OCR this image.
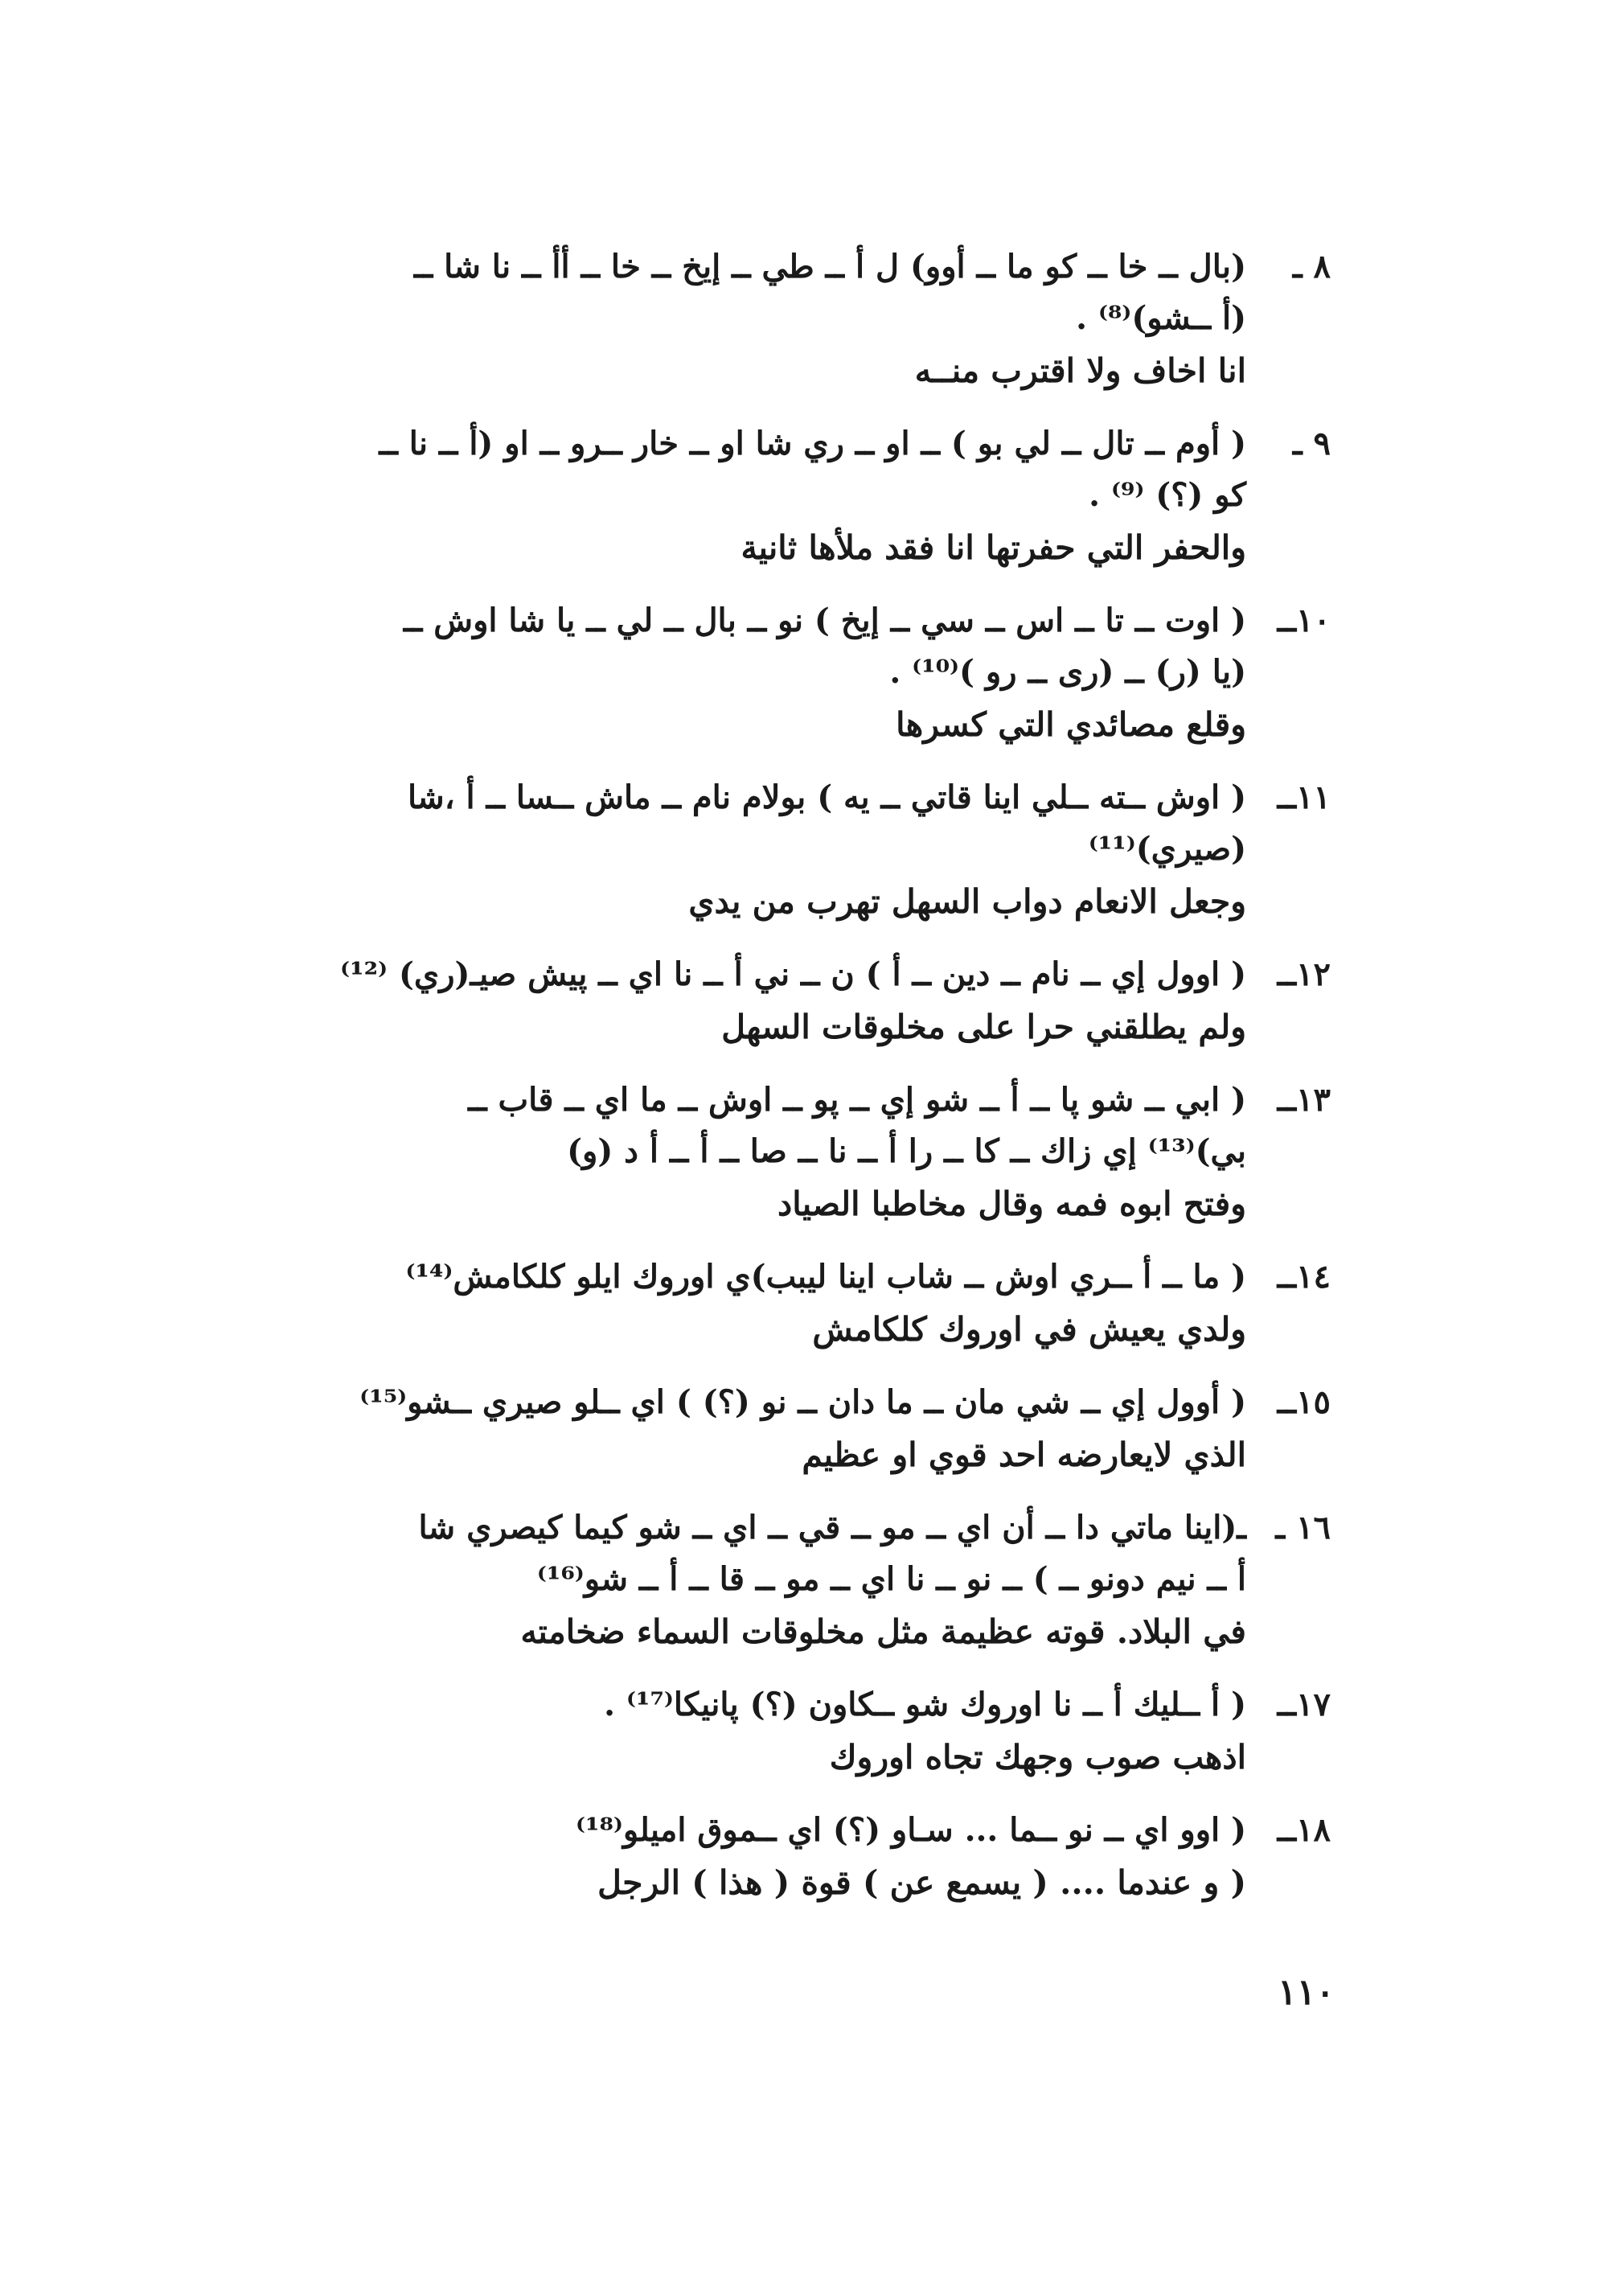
٨ ـ
(بال ــ خا ــ كو ما ــ أوو) ل أ ــ طي ــ إيخ ــ خا ــ أأ ــ نا شا ــ
(أ ــشو)⁽⁸⁾ .
انا اخاف ولا اقترب منــه
٩ ـ
( أوم ــ تال ــ لي بو ) ــ او ــ ري شا او ــ خار ــرو ــ او (أ ــ نا ــ
كو (؟) ⁽⁹⁾ .
والحفر التي حفرتها انا فقد ملأها ثانية
١٠ــ
( اوت ــ تا ــ اس ــ سي ــ إيخ ) نو ــ بال ــ لي ــ يا شا اوش ــ
(يا (ر) ــ (رى ــ رو )⁽¹⁰⁾ .
وقلع مصائدي التي كسرها
١١ــ
( اوش ــته ــلي اينا قاتي ــ يه ) بولام نام ــ ماش ــسا ــ أ ،شا
(صيري)⁽¹¹⁾
وجعل الانعام دواب السهل تهرب من يدي
١٢ــ
( اوول إي ــ نام ــ دين ــ أ ) ن ــ ني أ ــ نا اي ــ پيش صيـ(ري) ⁽¹²⁾
ولم يطلقني حرا على مخلوقات السهل
١٣ــ
( ابي ــ شو پا ــ أ ــ شو إي ــ پو ــ اوش ــ ما اي ــ قاب ــ
بي)⁽¹³⁾ إي زاك ــ كا ــ را أ ــ نا ــ صا ــ أ ــ أ د (و)
وفتح ابوه فمه وقال مخاطبا الصياد
١٤ــ
( ما ــ أ ــري اوش ــ شاب اينا ليبب)ي اوروك ايلو كلكامش⁽¹⁴⁾
ولدي يعيش في اوروك كلكامش
١٥ــ
( أوول إي ــ شي مان ــ ما دان ــ نو (؟) ) اي ــلو صيري ــشو⁽¹⁵⁾
الذي لايعارضه احد قوي او عظيم
١٦ ـ
ـ(اينا ماتي دا ــ أن اي ــ مو ــ قي ــ اي ــ شو كيما كيصري شا
أ ــ نيم دونو ــ ) ــ نو ــ نا اي ــ مو ــ قا ــ أ ــ شو⁽¹⁶⁾
في البلاد. قوته عظيمة مثل مخلوقات السماء ضخامته
١٧ــ
( أ ــليك أ ــ نا اوروك شو ــكاون (؟) پانيكا⁽¹⁷⁾ .
اذهب صوب وجهك تجاه اوروك
١٨ــ
( اوو اي ــ نو ــما ... سـاو (؟) اي ــموق اميلو⁽¹⁸⁾
( و عندما .... ( يسمع عن ) قوة ( هذا ) الرجل
١١٠
